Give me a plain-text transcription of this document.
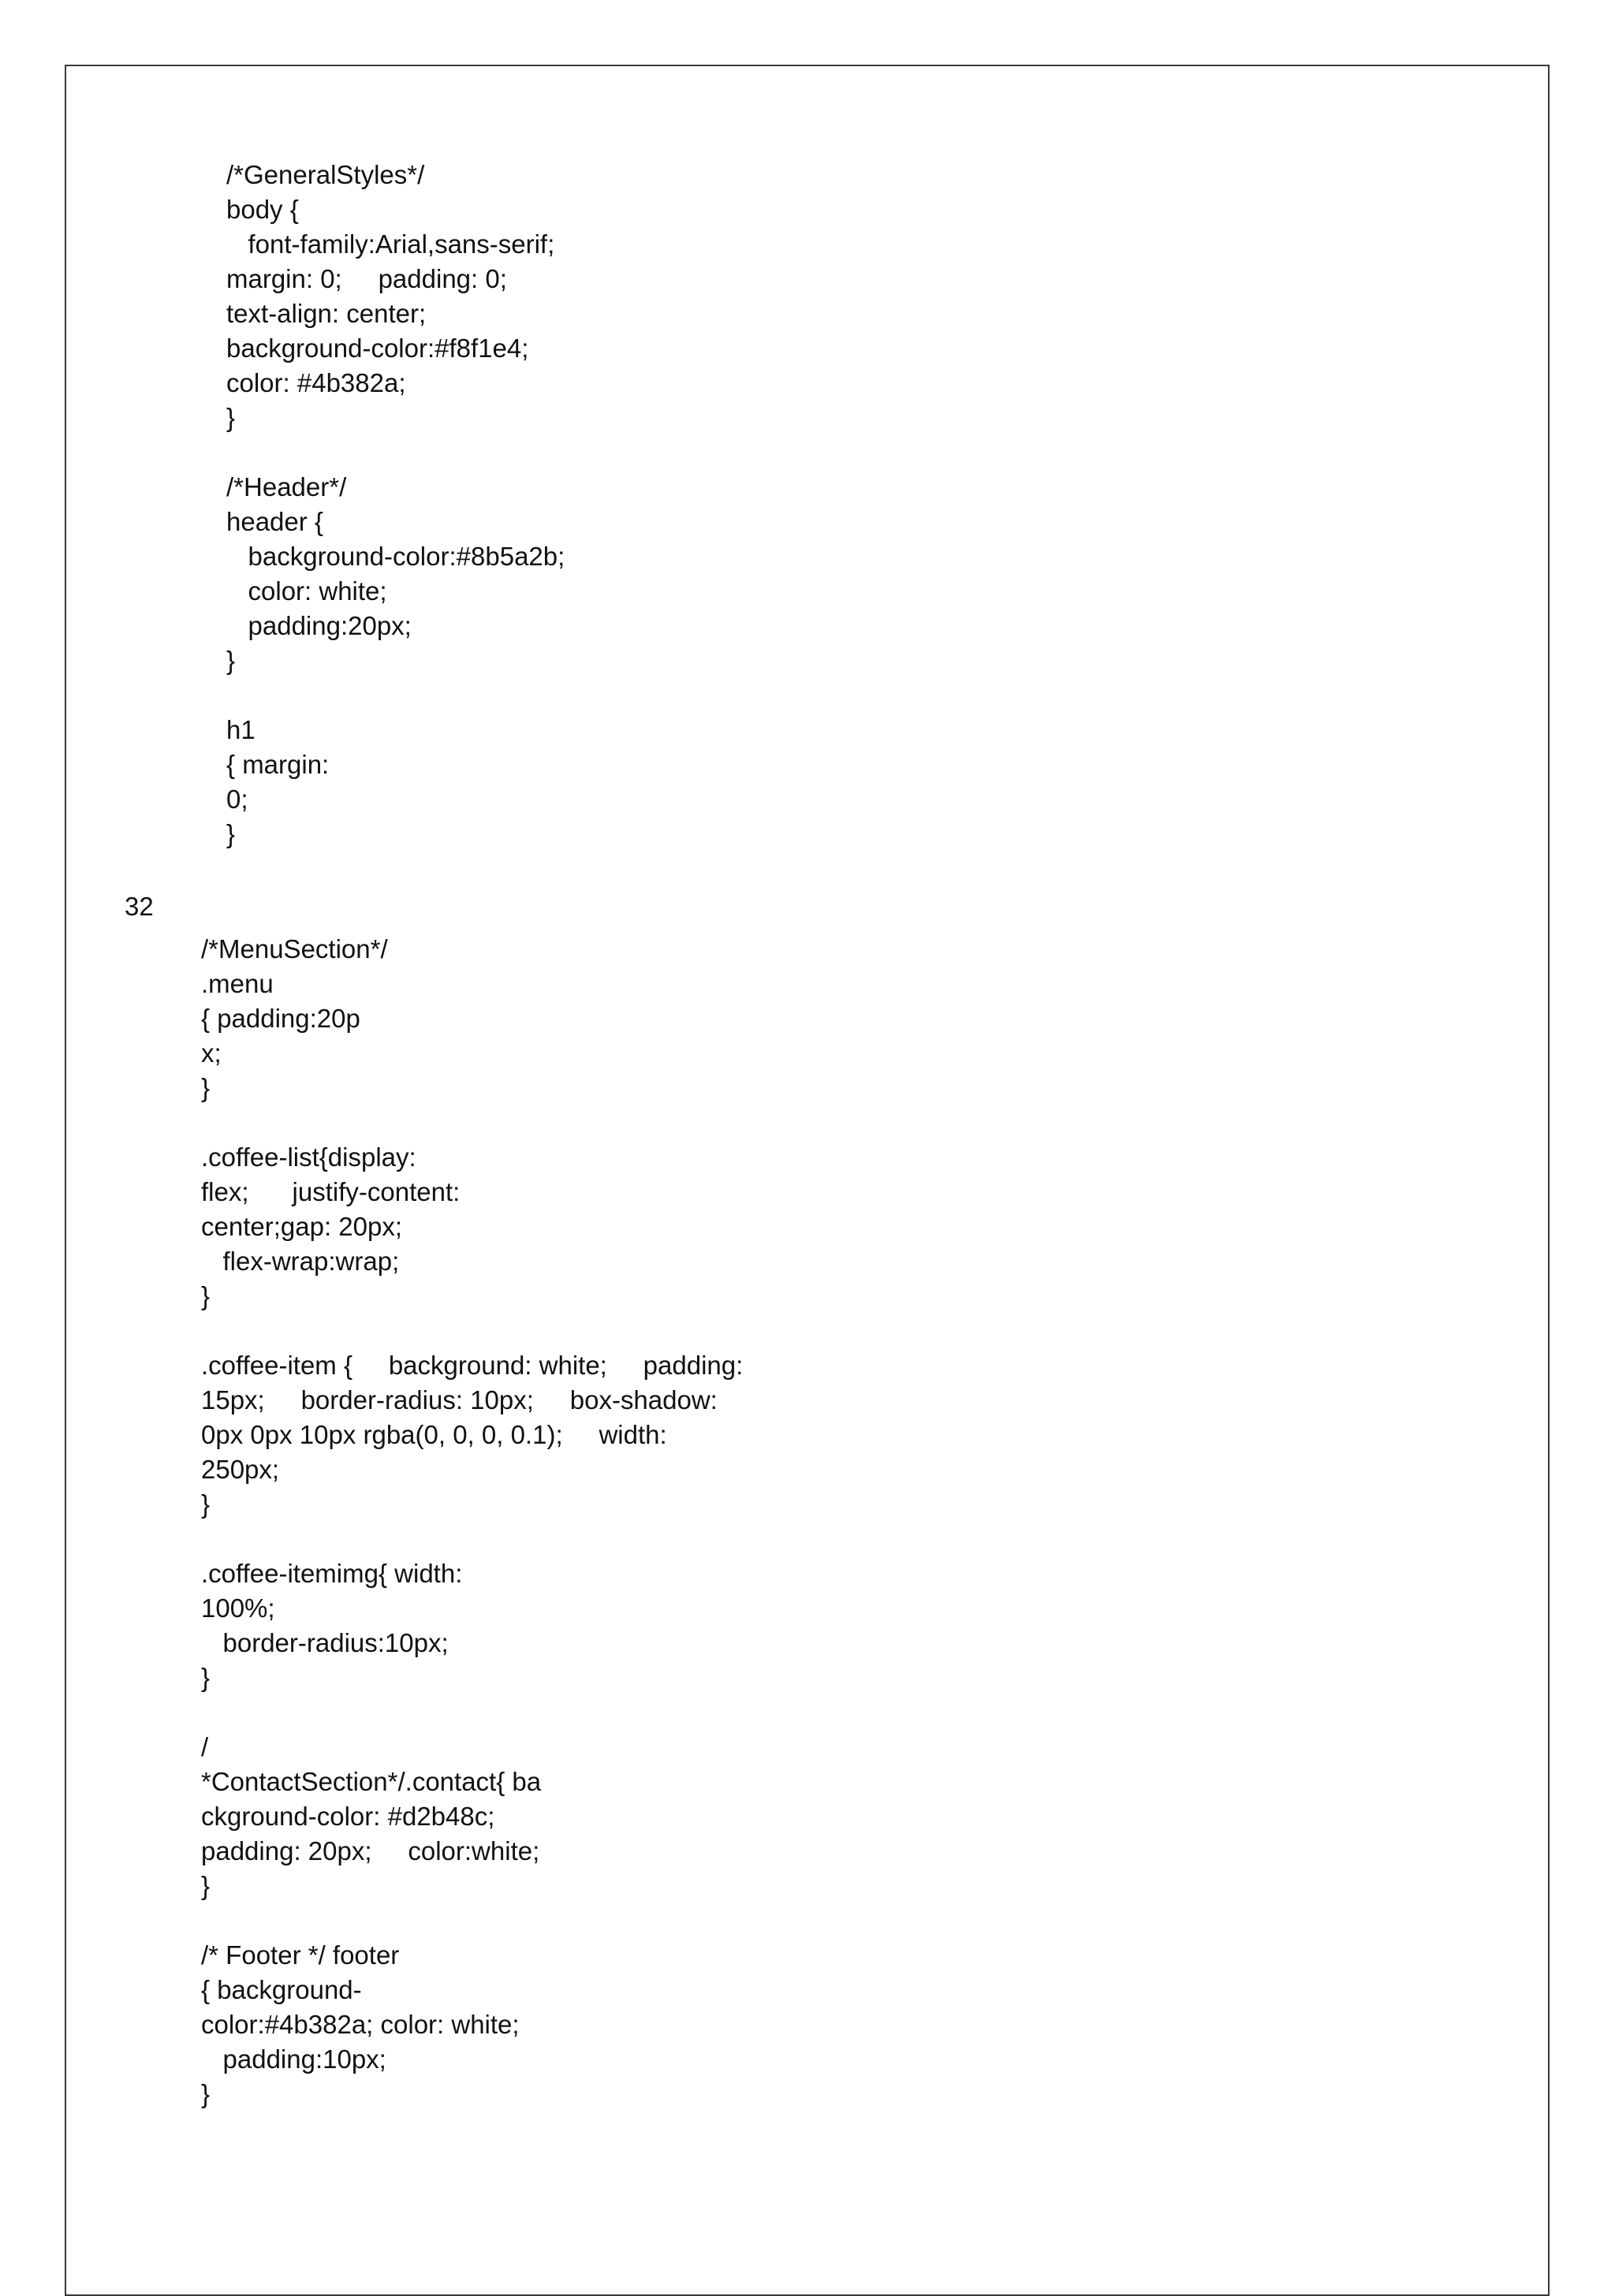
/*GeneralStyles*/

body {

font-family:Arial,sans-serif;

margin: 0;     padding: 0;

text-align: center;

background-color:#f8f1e4;

color: #4b382a;

}

/*Header*/

header {

background-color:#8b5a2b;

color: white;

padding:20px;

}

h1

{ margin:

0;

}

32

/*MenuSection*/

.menu

{ padding:20p

x;

}

.coffee-list{display:

flex;      justify-content:

center;gap: 20px;

flex-wrap:wrap;

}

.coffee-item {     background: white;     padding:

15px;     border-radius: 10px;     box-shadow:

0px 0px 10px rgba(0, 0, 0, 0.1);     width:

250px;

}

.coffee-itemimg{ width:

100%;

border-radius:10px;

}

/

*ContactSection*/.contact{ ba

ckground-color: #d2b48c;

padding: 20px;     color:white;

}

/* Footer */ footer

{ background-

color:#4b382a; color: white;

padding:10px;

}
